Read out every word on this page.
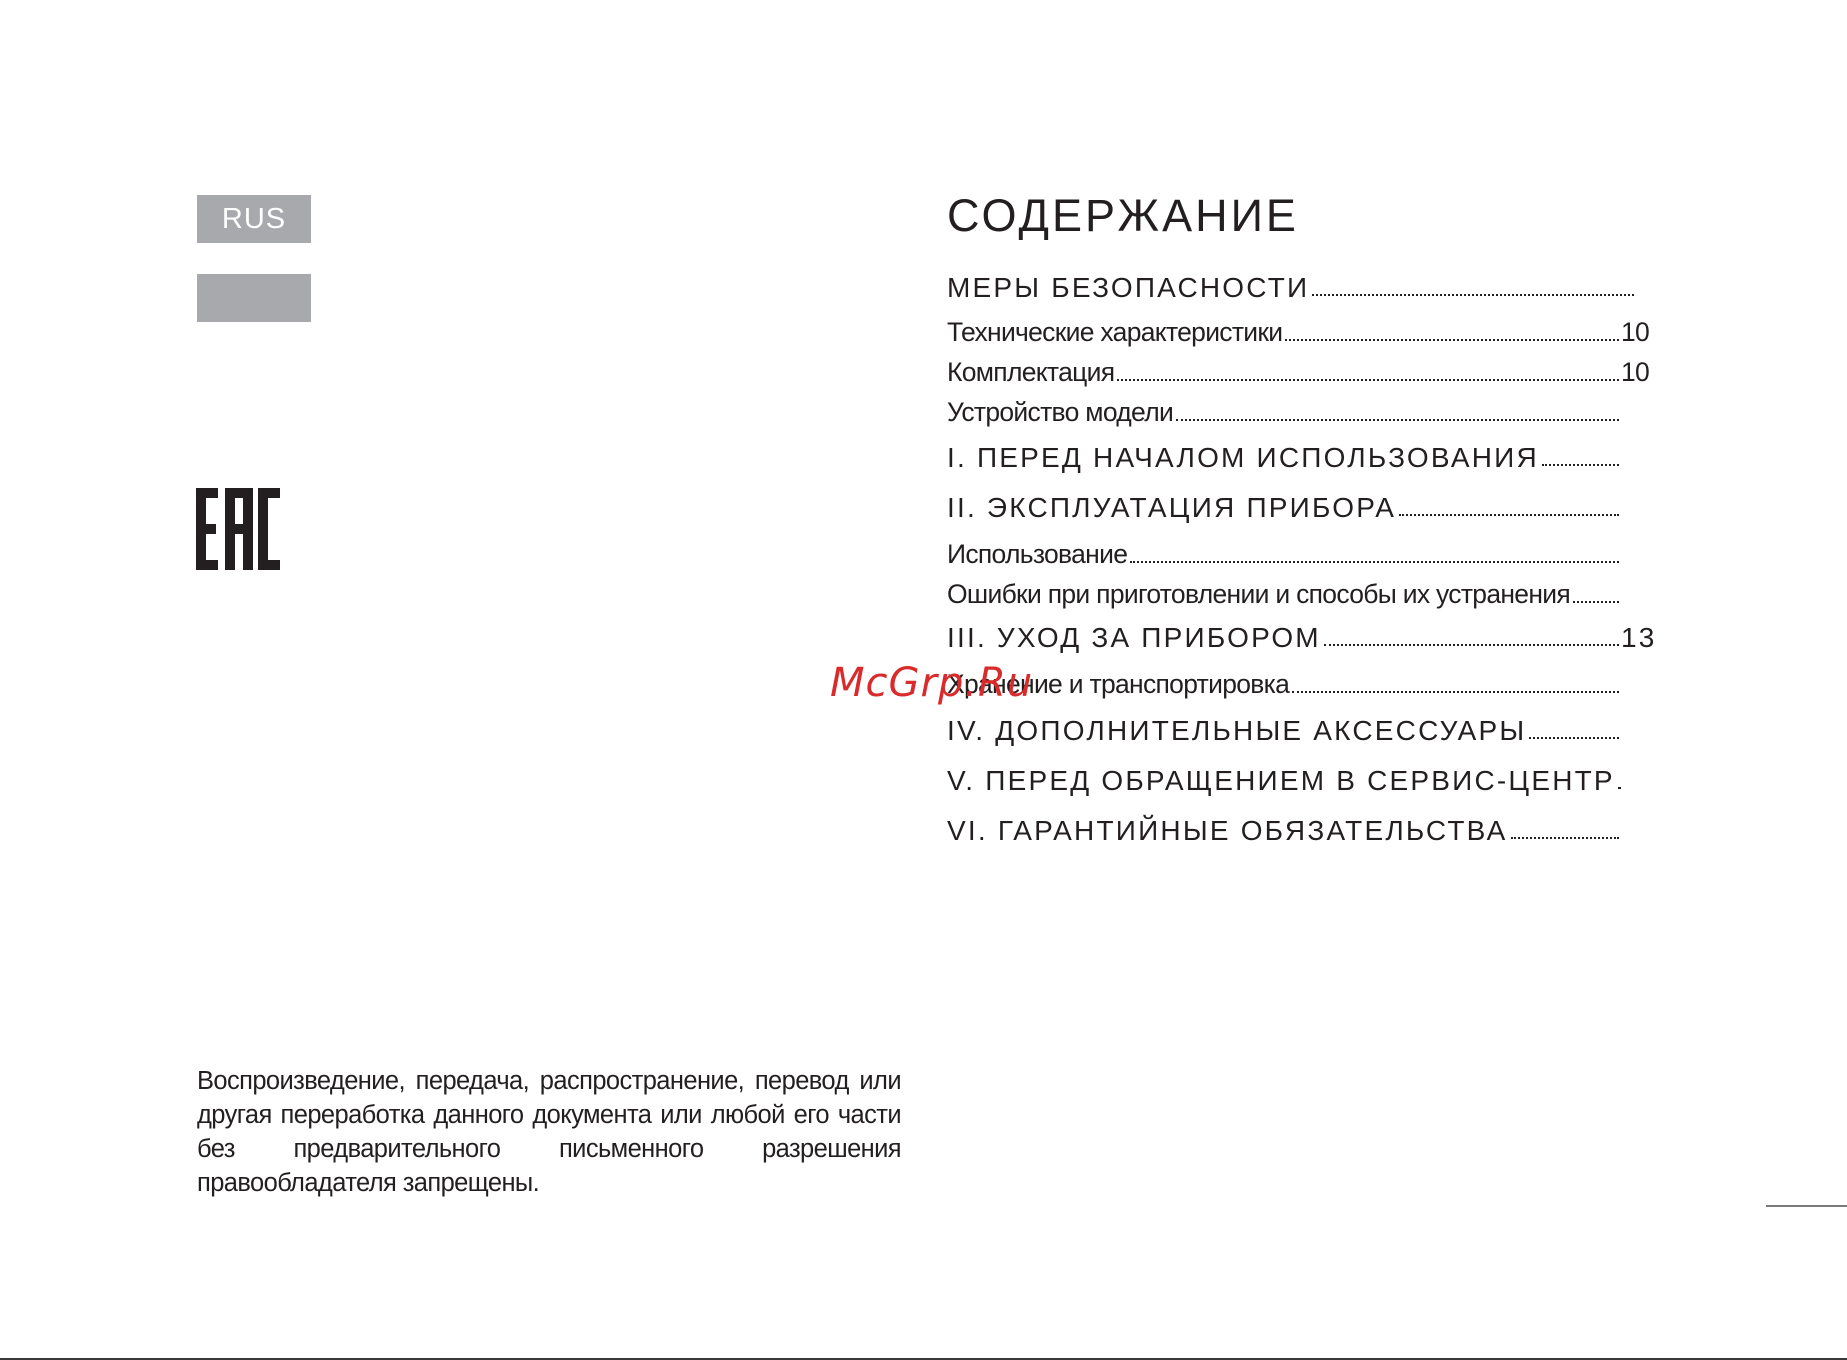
RUS

Воспроизведение, передача, распространение, перевод или другая переработка данного документа или любой его части без предварительного письменного разрешения правообладателя запрещены.

СОДЕРЖАНИЕ
МЕРЫ БЕЗОПАСНОСТИ
Технические характеристики	10
Комплектация	10
Устройство модели
I. ПЕРЕД НАЧАЛОМ ИСПОЛЬЗОВАНИЯ
II. ЭКСПЛУАТАЦИЯ ПРИБОРА
Использование
Ошибки при приготовлении и способы их устранения
III. УХОД ЗА ПРИБОРОМ	13
Хранение и транспортировка
IV. ДОПОЛНИТЕЛЬНЫЕ АКСЕССУАРЫ
V. ПЕРЕД ОБРАЩЕНИЕМ В СЕРВИС-ЦЕНТР
VI. ГАРАНТИЙНЫЕ ОБЯЗАТЕЛЬСТВА

McGrp.Ru
